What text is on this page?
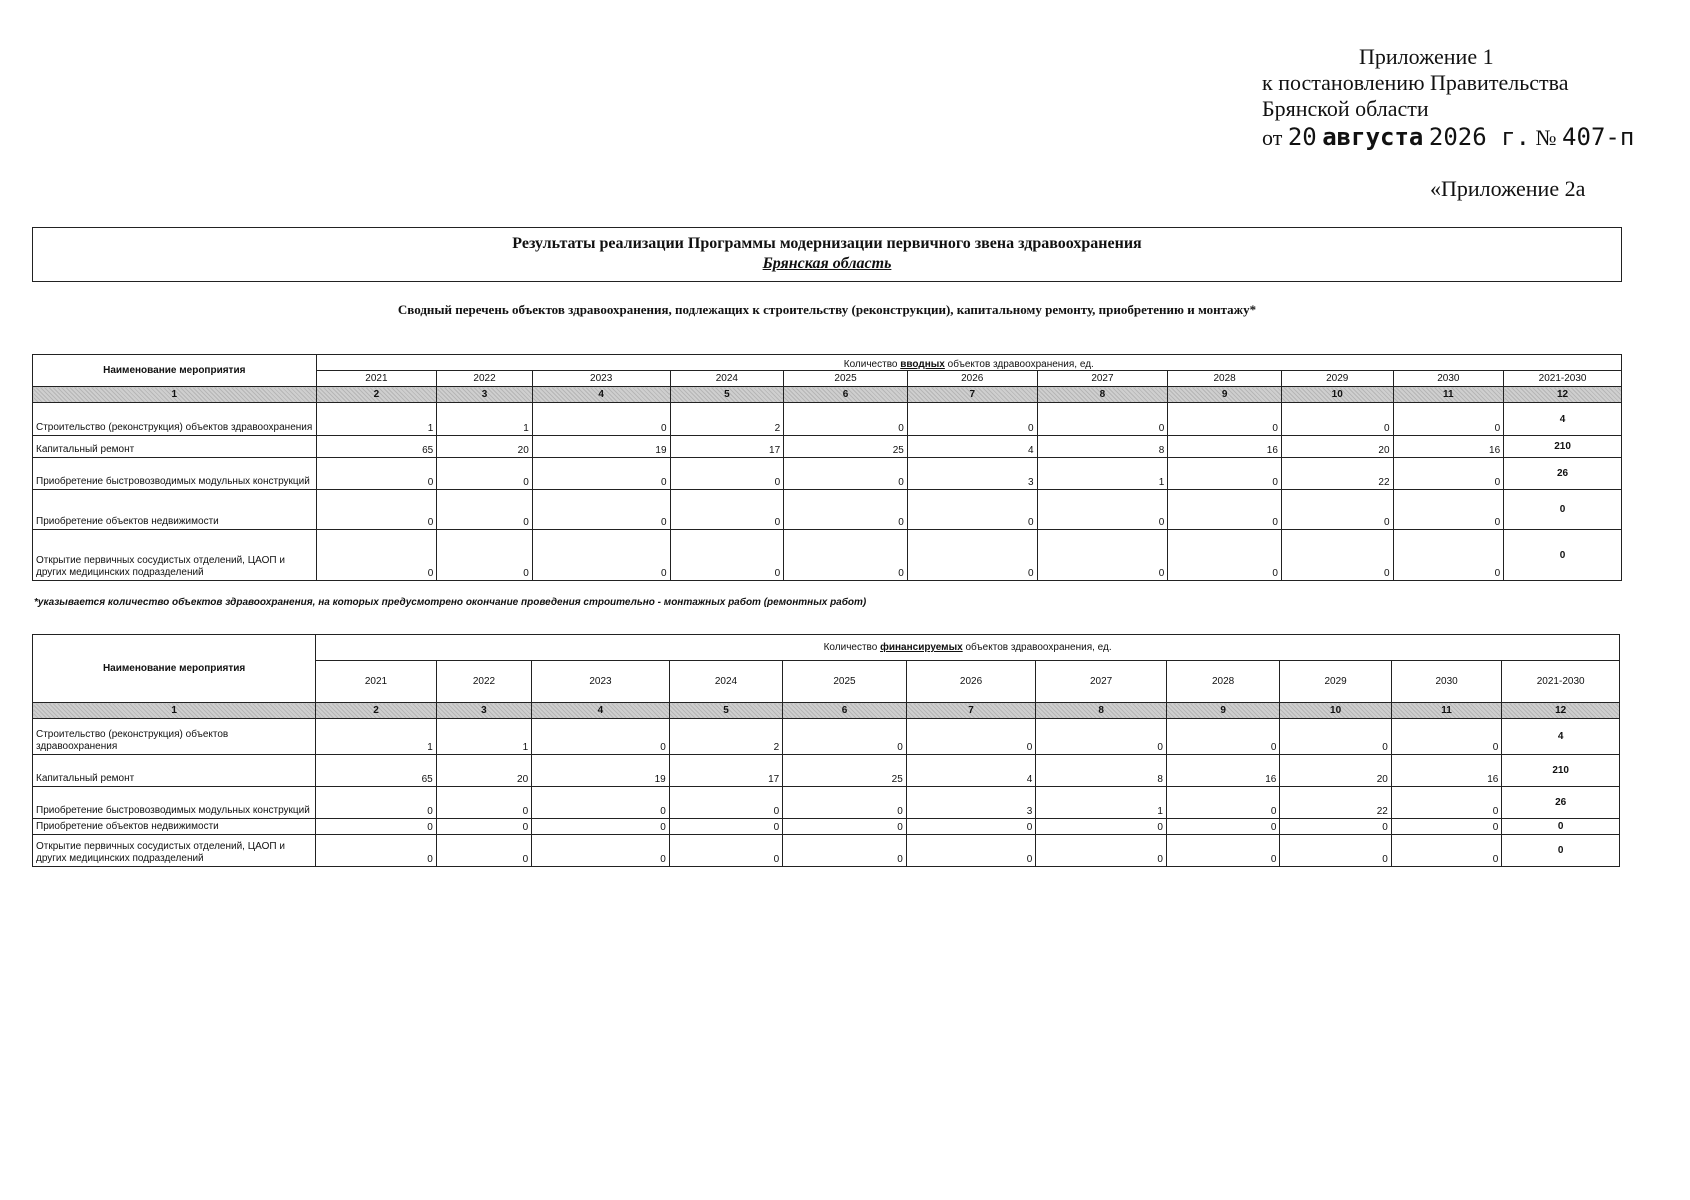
Приложение 1
к постановлению Правительства
Брянской области
от 20 августа 2026 г. № 407-п
«Приложение 2а
Результаты реализации Программы модернизации первичного звена здравоохранения
Брянская область
Сводный перечень объектов здравоохранения, подлежащих к строительству (реконструкции), капитальному ремонту, приобретению и монтажу*
Наименование мероприятия	Количество вводных объектов здравоохранения, ед.										
	2021	2022	2023	2024	2025	2026	2027	2028	2029	2030	2021-2030
1	2	3	4	5	6	7	8	9	10	11	12
Строительство (реконструкция) объектов здравоохранения	1	1	0	2	0	0	0	0	0	0	4
Капитальный ремонт	65	20	19	17	25	4	8	16	20	16	210
Приобретение быстровозводимых модульных конструкций	0	0	0	0	0	3	1	0	22	0	26
Приобретение объектов недвижимости	0	0	0	0	0	0	0	0	0	0	0
Открытие первичных сосудистых отделений, ЦАОП и других медицинских подразделений	0	0	0	0	0	0	0	0	0	0	0
*указывается количество объектов здравоохранения, на которых предусмотрено окончание проведения строительно - монтажных работ (ремонтных работ)
Наименование мероприятия	Количество финансируемых объектов здравоохранения, ед.										
	2021	2022	2023	2024	2025	2026	2027	2028	2029	2030	2021-2030
1	2	3	4	5	6	7	8	9	10	11	12
Строительство (реконструкция) объектов здравоохранения	1	1	0	2	0	0	0	0	0	0	4
Капитальный ремонт	65	20	19	17	25	4	8	16	20	16	210
Приобретение быстровозводимых модульных конструкций	0	0	0	0	0	3	1	0	22	0	26
Приобретение объектов недвижимости	0	0	0	0	0	0	0	0	0	0	0
Открытие первичных сосудистых отделений, ЦАОП и других медицинских подразделений	0	0	0	0	0	0	0	0	0	0	0
